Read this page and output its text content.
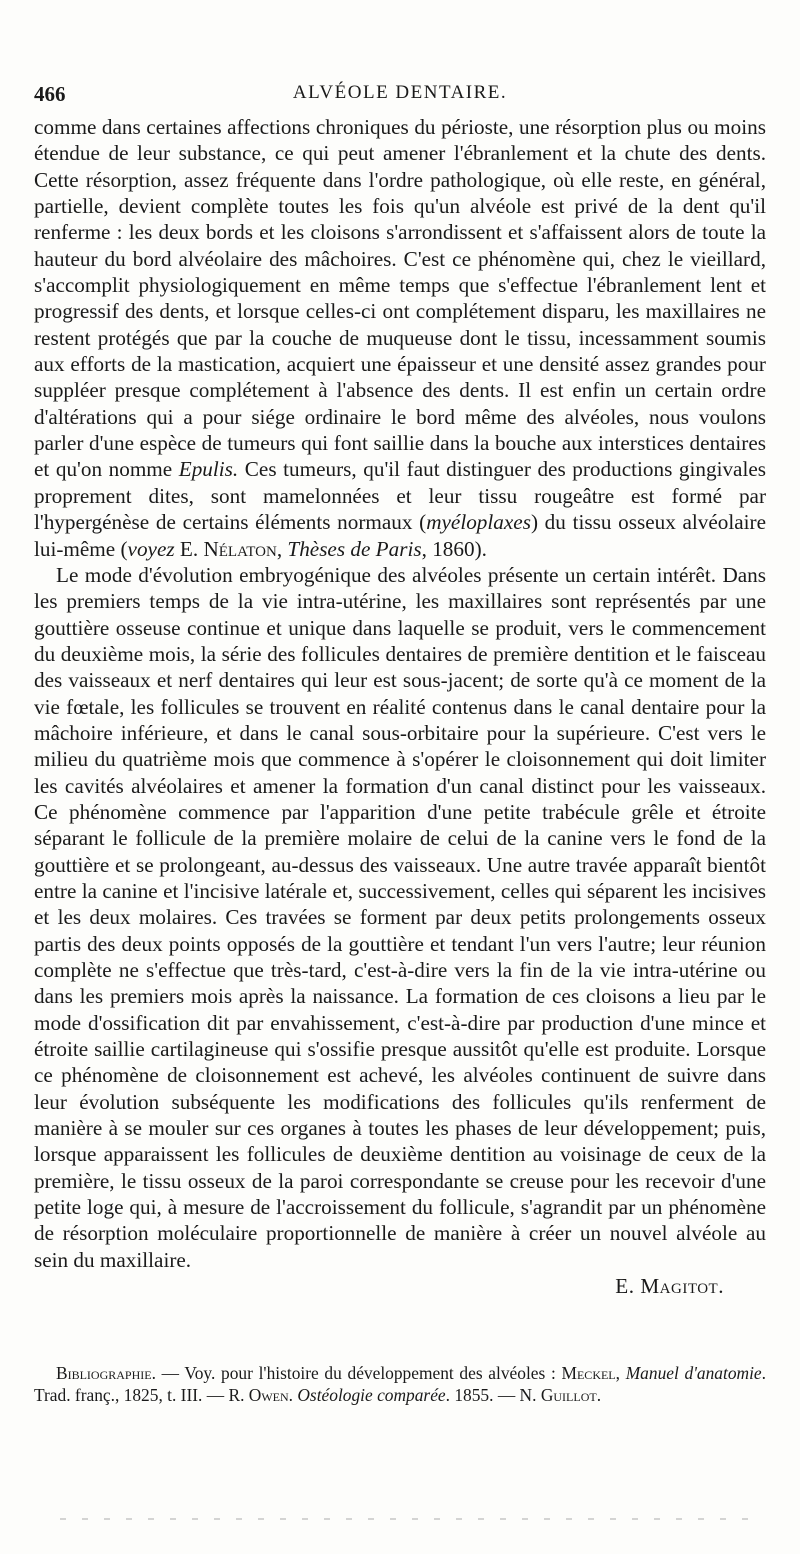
466	ALVÉOLE DENTAIRE.

comme dans certaines affections chroniques du périoste, une résorption plus ou moins étendue de leur substance, ce qui peut amener l'ébranlement et la chute des dents. Cette résorption, assez fréquente dans l'ordre pathologique, où elle reste, en général, partielle, devient complète toutes les fois qu'un alvéole est privé de la dent qu'il renferme : les deux bords et les cloisons s'arrondissent et s'affaissent alors de toute la hauteur du bord alvéolaire des mâchoires. C'est ce phénomène qui, chez le vieillard, s'accomplit physiologiquement en même temps que s'effectue l'ébranlement lent et progressif des dents, et lorsque celles-ci ont complétement disparu, les maxillaires ne restent protégés que par la couche de muqueuse dont le tissu, incessamment soumis aux efforts de la mastication, acquiert une épaisseur et une densité assez grandes pour suppléer presque complétement à l'absence des dents. Il est enfin un certain ordre d'altérations qui a pour siége ordinaire le bord même des alvéoles, nous voulons parler d'une espèce de tumeurs qui font saillie dans la bouche aux interstices dentaires et qu'on nomme Epulis. Ces tumeurs, qu'il faut distinguer des productions gingivales proprement dites, sont mamelonnées et leur tissu rougeâtre est formé par l'hypergénèse de certains éléments normaux (myéloplaxes) du tissu osseux alvéolaire lui-même (voyez E. Nélaton, Thèses de Paris, 1860).

Le mode d'évolution embryogénique des alvéoles présente un certain intérêt. Dans les premiers temps de la vie intra-utérine, les maxillaires sont représentés par une gouttière osseuse continue et unique dans laquelle se produit, vers le commencement du deuxième mois, la série des follicules dentaires de première dentition et le faisceau des vaisseaux et nerf dentaires qui leur est sous-jacent; de sorte qu'à ce moment de la vie fœtale, les follicules se trouvent en réalité contenus dans le canal dentaire pour la mâchoire inférieure, et dans le canal sous-orbitaire pour la supérieure. C'est vers le milieu du quatrième mois que commence à s'opérer le cloisonnement qui doit limiter les cavités alvéolaires et amener la formation d'un canal distinct pour les vaisseaux. Ce phénomène commence par l'apparition d'une petite trabécule grêle et étroite séparant le follicule de la première molaire de celui de la canine vers le fond de la gouttière et se prolongeant, au-dessus des vaisseaux. Une autre travée apparaît bientôt entre la canine et l'incisive latérale et, successivement, celles qui séparent les incisives et les deux molaires. Ces travées se forment par deux petits prolongements osseux partis des deux points opposés de la gouttière et tendant l'un vers l'autre; leur réunion complète ne s'effectue que très-tard, c'est-à-dire vers la fin de la vie intra-utérine ou dans les premiers mois après la naissance. La formation de ces cloisons a lieu par le mode d'ossification dit par envahissement, c'est-à-dire par production d'une mince et étroite saillie cartilagineuse qui s'ossifie presque aussitôt qu'elle est produite. Lorsque ce phénomène de cloisonnement est achevé, les alvéoles continuent de suivre dans leur évolution subséquente les modifications des follicules qu'ils renferment de manière à se mouler sur ces organes à toutes les phases de leur développement; puis, lorsque apparaissent les follicules de deuxième dentition au voisinage de ceux de la première, le tissu osseux de la paroi correspondante se creuse pour les recevoir d'une petite loge qui, à mesure de l'accroissement du follicule, s'agrandit par un phénomène de résorption moléculaire proportionnelle de manière à créer un nouvel alvéole au sein du maxillaire.

E. Magitot.

Bibliographie. — Voy. pour l'histoire du développement des alvéoles : Meckel, Manuel d'anatomie. Trad. franç., 1825, t. III. — R. Owen. Ostéologie comparée. 1855. — N. Guillot.
